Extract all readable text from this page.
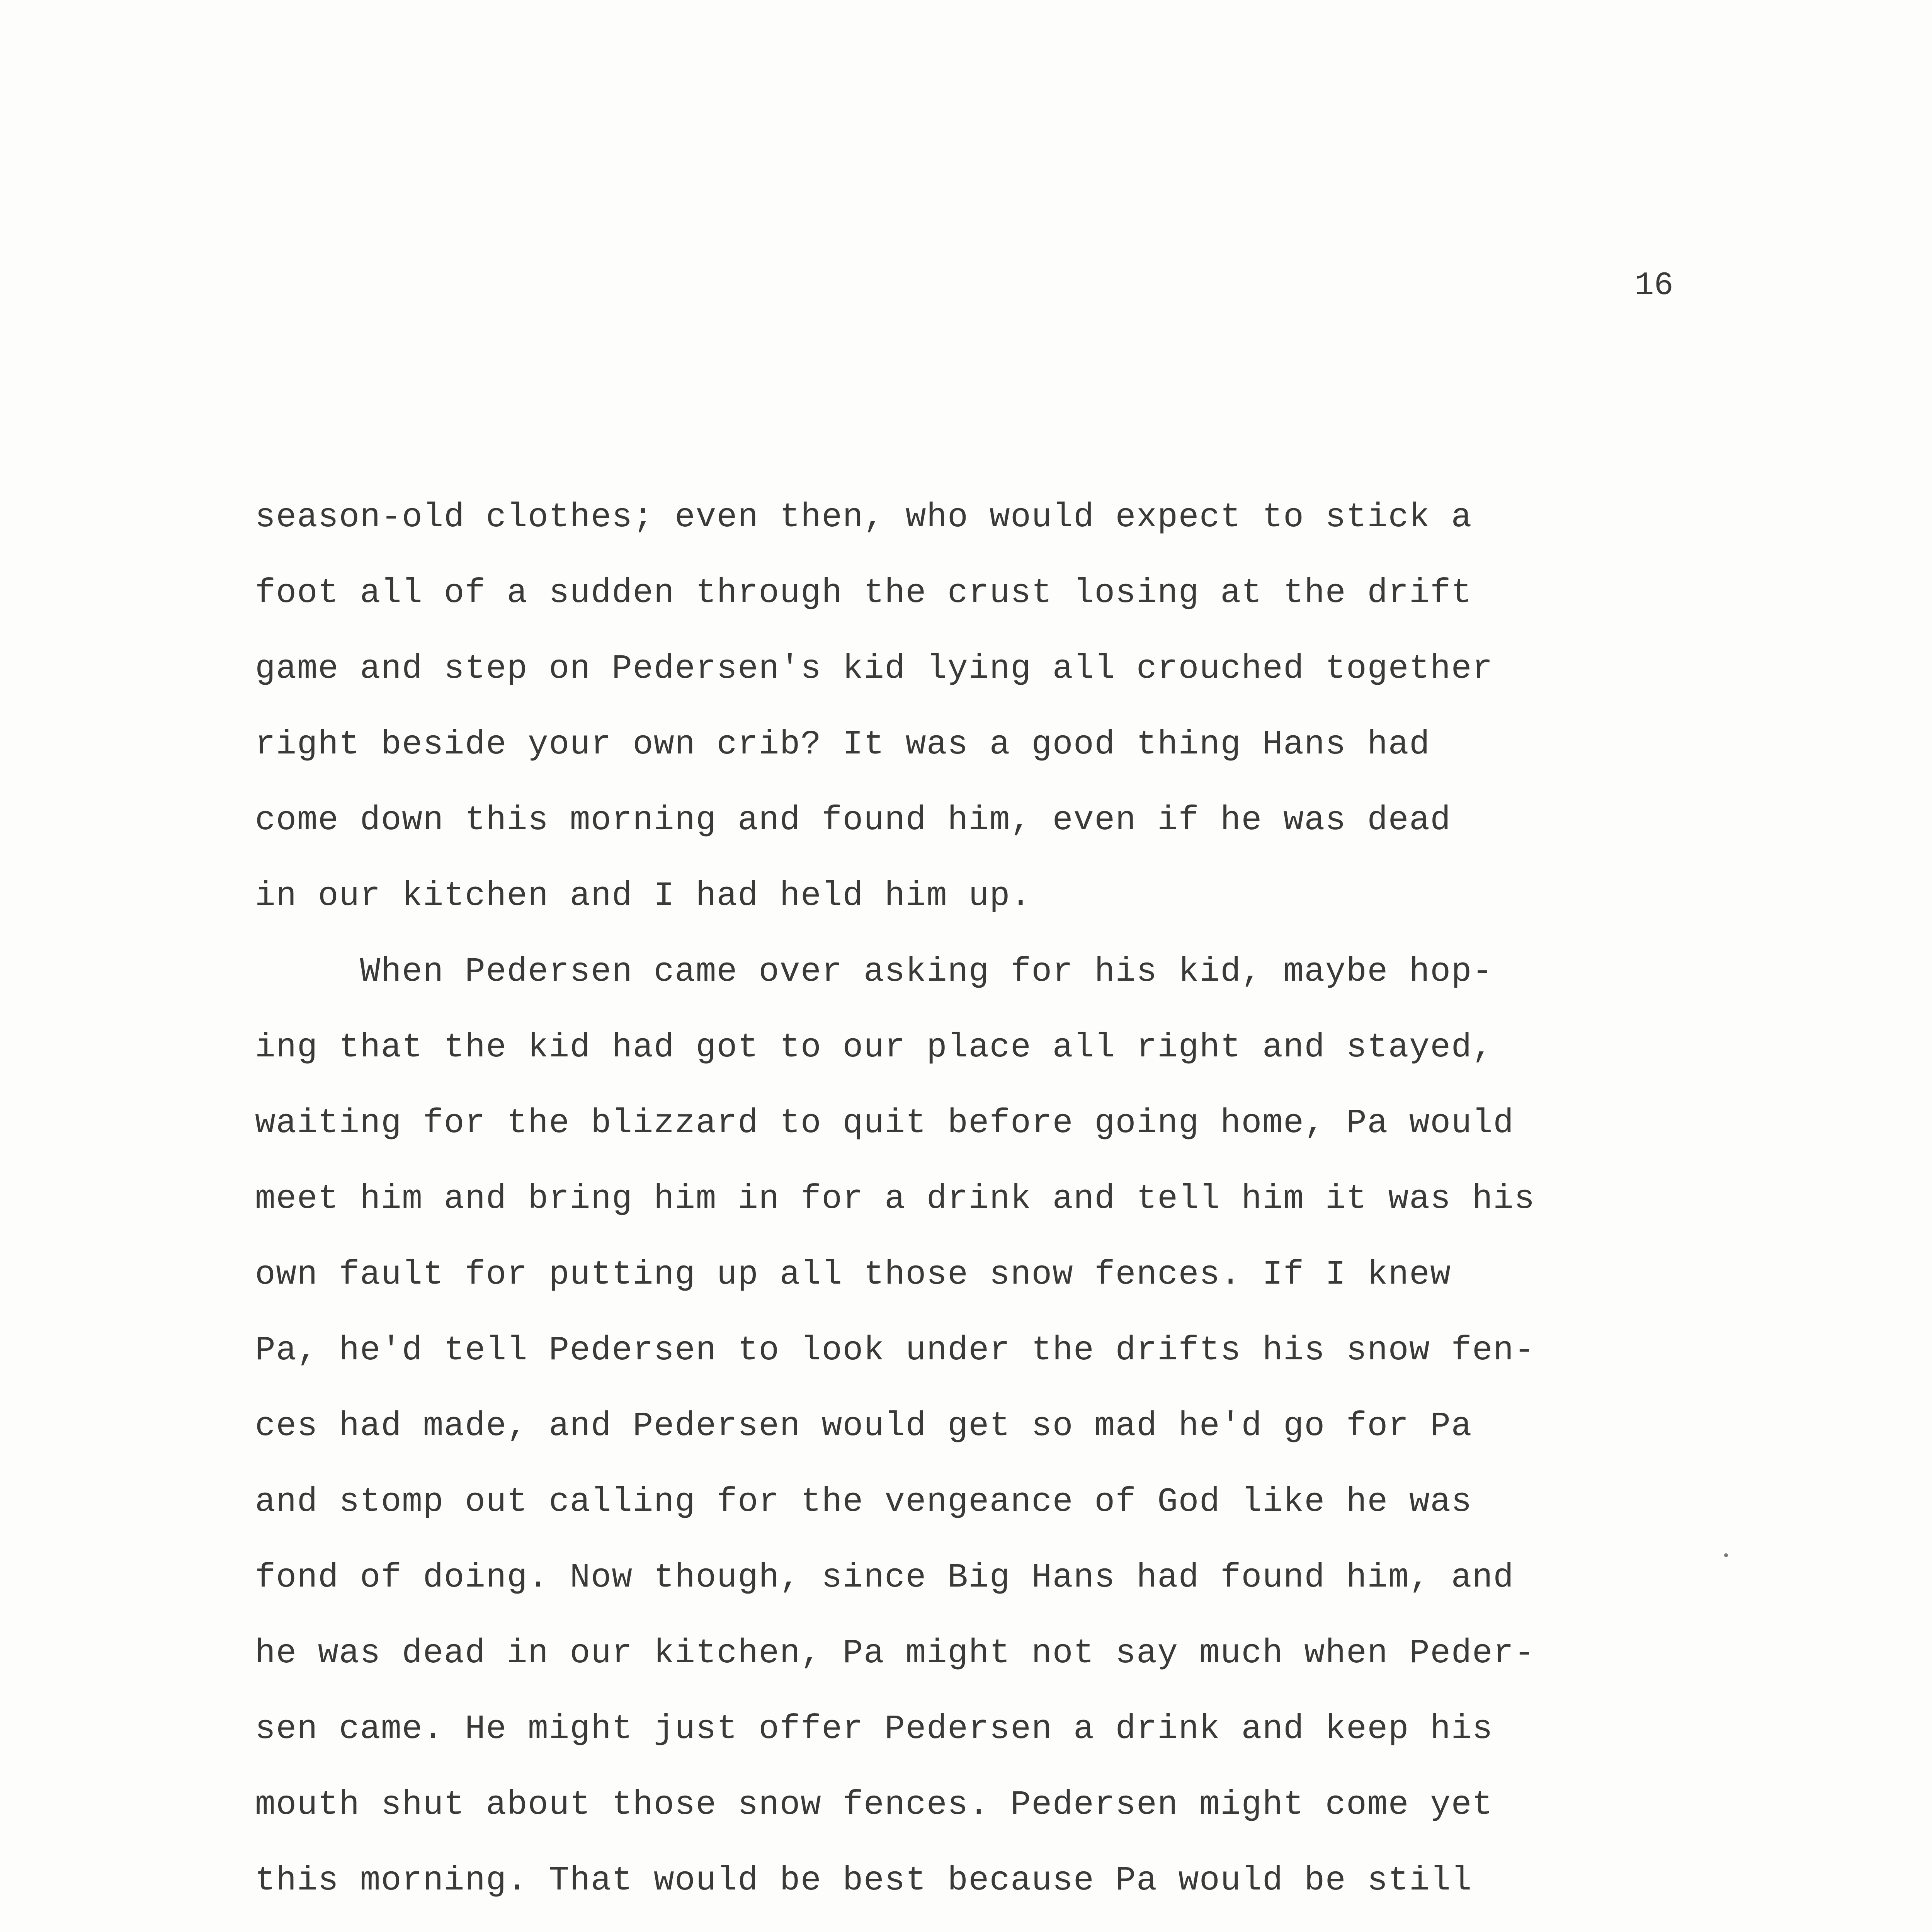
16
season-old clothes; even then, who would expect to stick a
foot all of a sudden through the crust losing at the drift
game and step on Pedersen's kid lying all crouched together
right beside your own crib? It was a good thing Hans had
come down this morning and found him, even if he was dead
in our kitchen and I had held him up.
When Pedersen came over asking for his kid, maybe hop-
ing that the kid had got to our place all right and stayed,
waiting for the blizzard to quit before going home, Pa would
meet him and bring him in for a drink and tell him it was his
own fault for putting up all those snow fences. If I knew
Pa, he'd tell Pedersen to look under the drifts his snow fen-
ces had made, and Pedersen would get so mad he'd go for Pa
and stomp out calling for the vengeance of God like he was
fond of doing. Now though, since Big Hans had found him, and
he was dead in our kitchen, Pa might not say much when Peder-
sen came. He might just offer Pedersen a drink and keep his
mouth shut about those snow fences. Pedersen might come yet
this morning. That would be best because Pa would be still
